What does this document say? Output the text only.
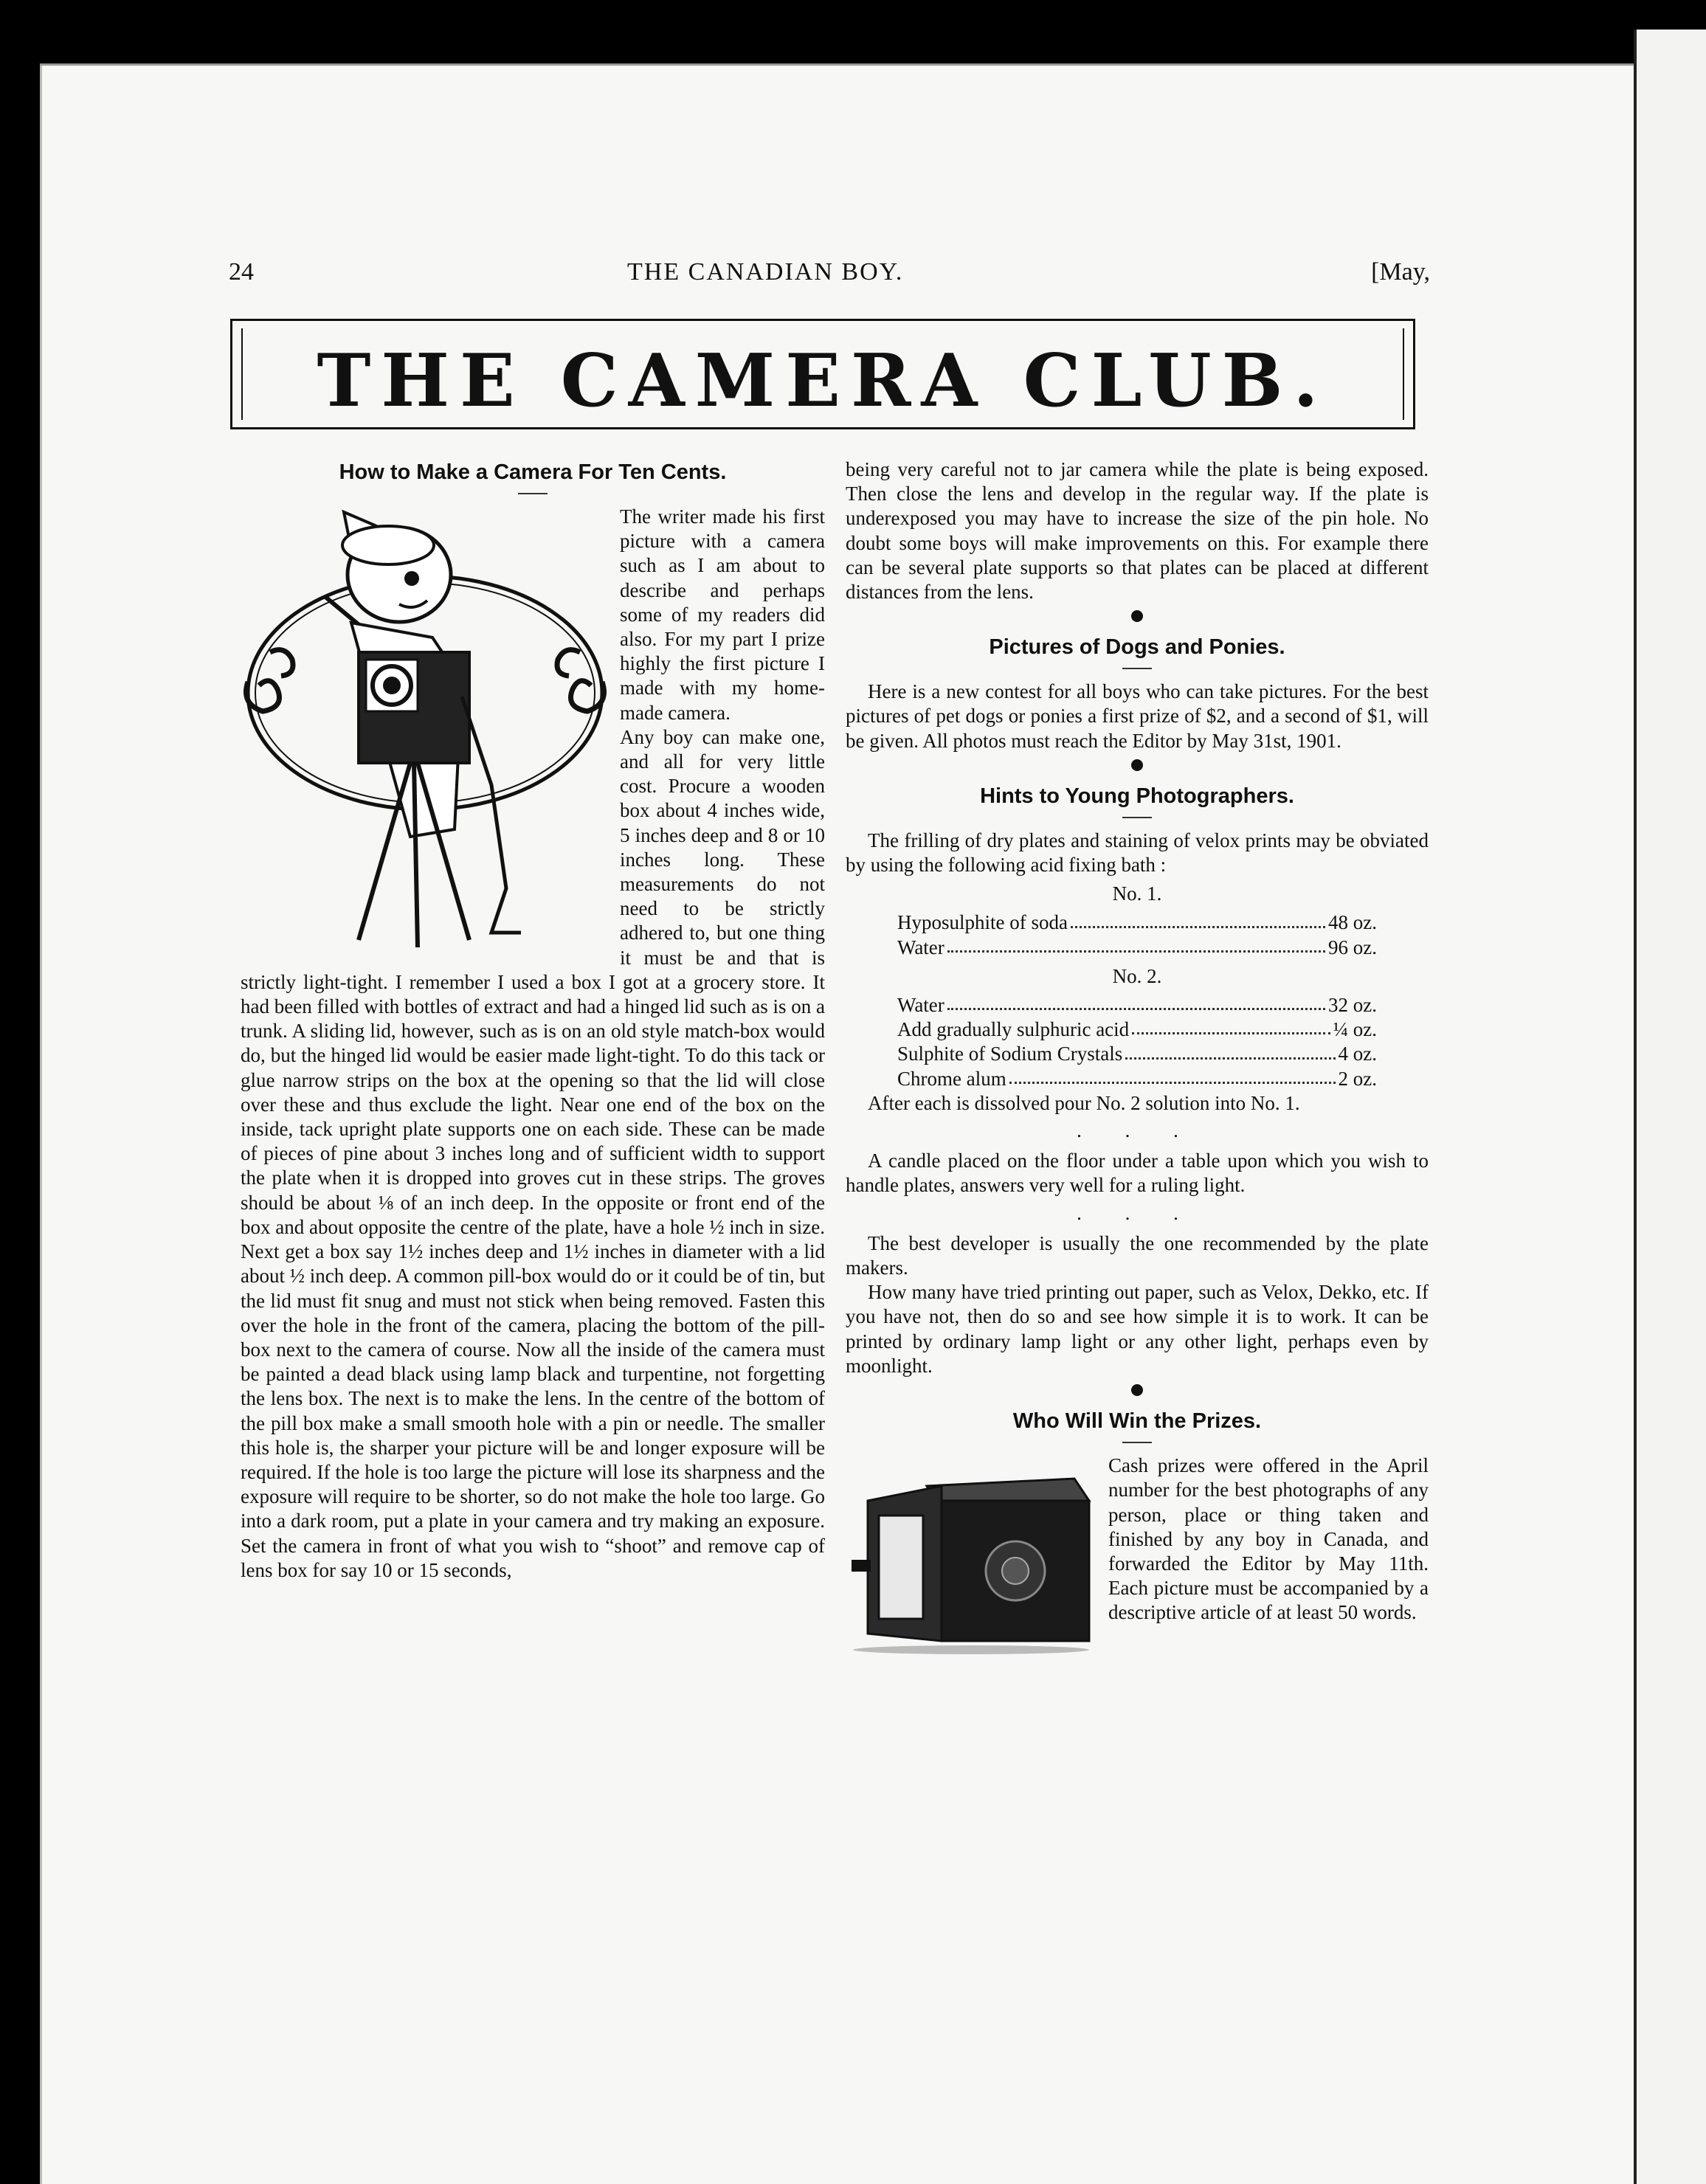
24	THE CANADIAN BOY.	[May,
THE CAMERA CLUB.
How to Make a Camera For Ten Cents.

The writer made his first picture with a camera such as I am about to describe and perhaps some of my readers did also. For my part I prize highly the first picture I made with my home-made camera.

Any boy can make one, and all for very little cost. Procure a wooden box about 4 inches wide, 5 inches deep and 8 or 10 inches long. These measurements do not need to be strictly adhered to, but one thing it must be and that is strictly light-tight. I remember I used a box I got at a grocery store. It had been filled with bottles of extract and had a hinged lid such as is on a trunk. A sliding lid, however, such as is on an old style match-box would do, but the hinged lid would be easier made light-tight. To do this tack or glue narrow strips on the box at the opening so that the lid will close over these and thus exclude the light. Near one end of the box on the inside, tack upright plate supports one on each side. These can be made of pieces of pine about 3 inches long and of sufficient width to support the plate when it is dropped into groves cut in these strips. The groves should be about ⅛ of an inch deep. In the opposite or front end of the box and about opposite the centre of the plate, have a hole ½ inch in size. Next get a box say 1½ inches deep and 1½ inches in diameter with a lid about ½ inch deep. A common pill-box would do or it could be of tin, but the lid must fit snug and must not stick when being removed. Fasten this over the hole in the front of the camera, placing the bottom of the pill-box next to the camera of course. Now all the inside of the camera must be painted a dead black using lamp black and turpentine, not forgetting the lens box. The next is to make the lens. In the centre of the bottom of the pill box make a small smooth hole with a pin or needle. The smaller this hole is, the sharper your picture will be and longer exposure will be required. If the hole is too large the picture will lose its sharpness and the exposure will require to be shorter, so do not make the hole too large. Go into a dark room, put a plate in your camera and try making an exposure. Set the camera in front of what you wish to “shoot” and remove cap of lens box for say 10 or 15 seconds,

being very careful not to jar camera while the plate is being exposed. Then close the lens and develop in the regular way. If the plate is underexposed you may have to increase the size of the pin hole. No doubt some boys will make improvements on this. For example there can be several plate supports so that plates can be placed at different distances from the lens.

Pictures of Dogs and Ponies.

Here is a new contest for all boys who can take pictures. For the best pictures of pet dogs or ponies a first prize of $2, and a second of $1, will be given. All photos must reach the Editor by May 31st, 1901.

Hints to Young Photographers.

The frilling of dry plates and staining of velox prints may be obviated by using the following acid fixing bath :

No. 1.
Hyposulphite of soda	48 oz.
Water	96 oz.
No. 2.
Water	32 oz.
Add gradually sulphuric acid	¼ oz.
Sulphite of Sodium Crystals	4 oz.
Chrome alum	2 oz.

After each is dissolved pour No. 2 solution into No. 1.

. . .

A candle placed on the floor under a table upon which you wish to handle plates, answers very well for a ruling light.

. . .

The best developer is usually the one recommended by the plate makers.

How many have tried printing out paper, such as Velox, Dekko, etc. If you have not, then do so and see how simple it is to work. It can be printed by ordinary lamp light or any other light, perhaps even by moonlight.

Who Will Win the Prizes.

Cash prizes were offered in the April number for the best photographs of any person, place or thing taken and finished by any boy in Canada, and forwarded the Editor by May 11th. Each picture must be accompanied by a descriptive article of at least 50 words.
